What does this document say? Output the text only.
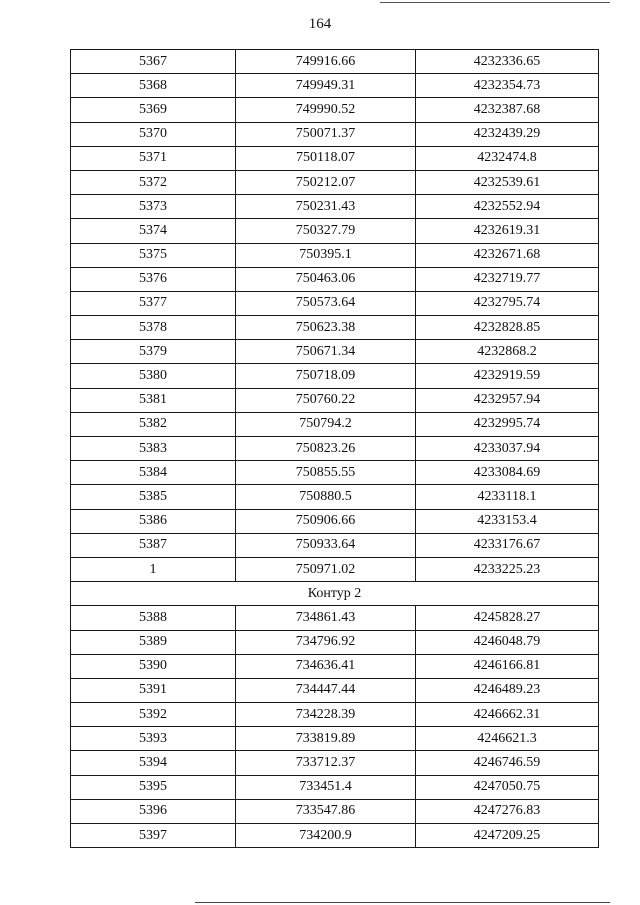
164
5367	749916.66	4232336.65
5368	749949.31	4232354.73
5369	749990.52	4232387.68
5370	750071.37	4232439.29
5371	750118.07	4232474.8
5372	750212.07	4232539.61
5373	750231.43	4232552.94
5374	750327.79	4232619.31
5375	750395.1	4232671.68
5376	750463.06	4232719.77
5377	750573.64	4232795.74
5378	750623.38	4232828.85
5379	750671.34	4232868.2
5380	750718.09	4232919.59
5381	750760.22	4232957.94
5382	750794.2	4232995.74
5383	750823.26	4233037.94
5384	750855.55	4233084.69
5385	750880.5	4233118.1
5386	750906.66	4233153.4
5387	750933.64	4233176.67
1	750971.02	4233225.23
Контур 2		
5388	734861.43	4245828.27
5389	734796.92	4246048.79
5390	734636.41	4246166.81
5391	734447.44	4246489.23
5392	734228.39	4246662.31
5393	733819.89	4246621.3
5394	733712.37	4246746.59
5395	733451.4	4247050.75
5396	733547.86	4247276.83
5397	734200.9	4247209.25
